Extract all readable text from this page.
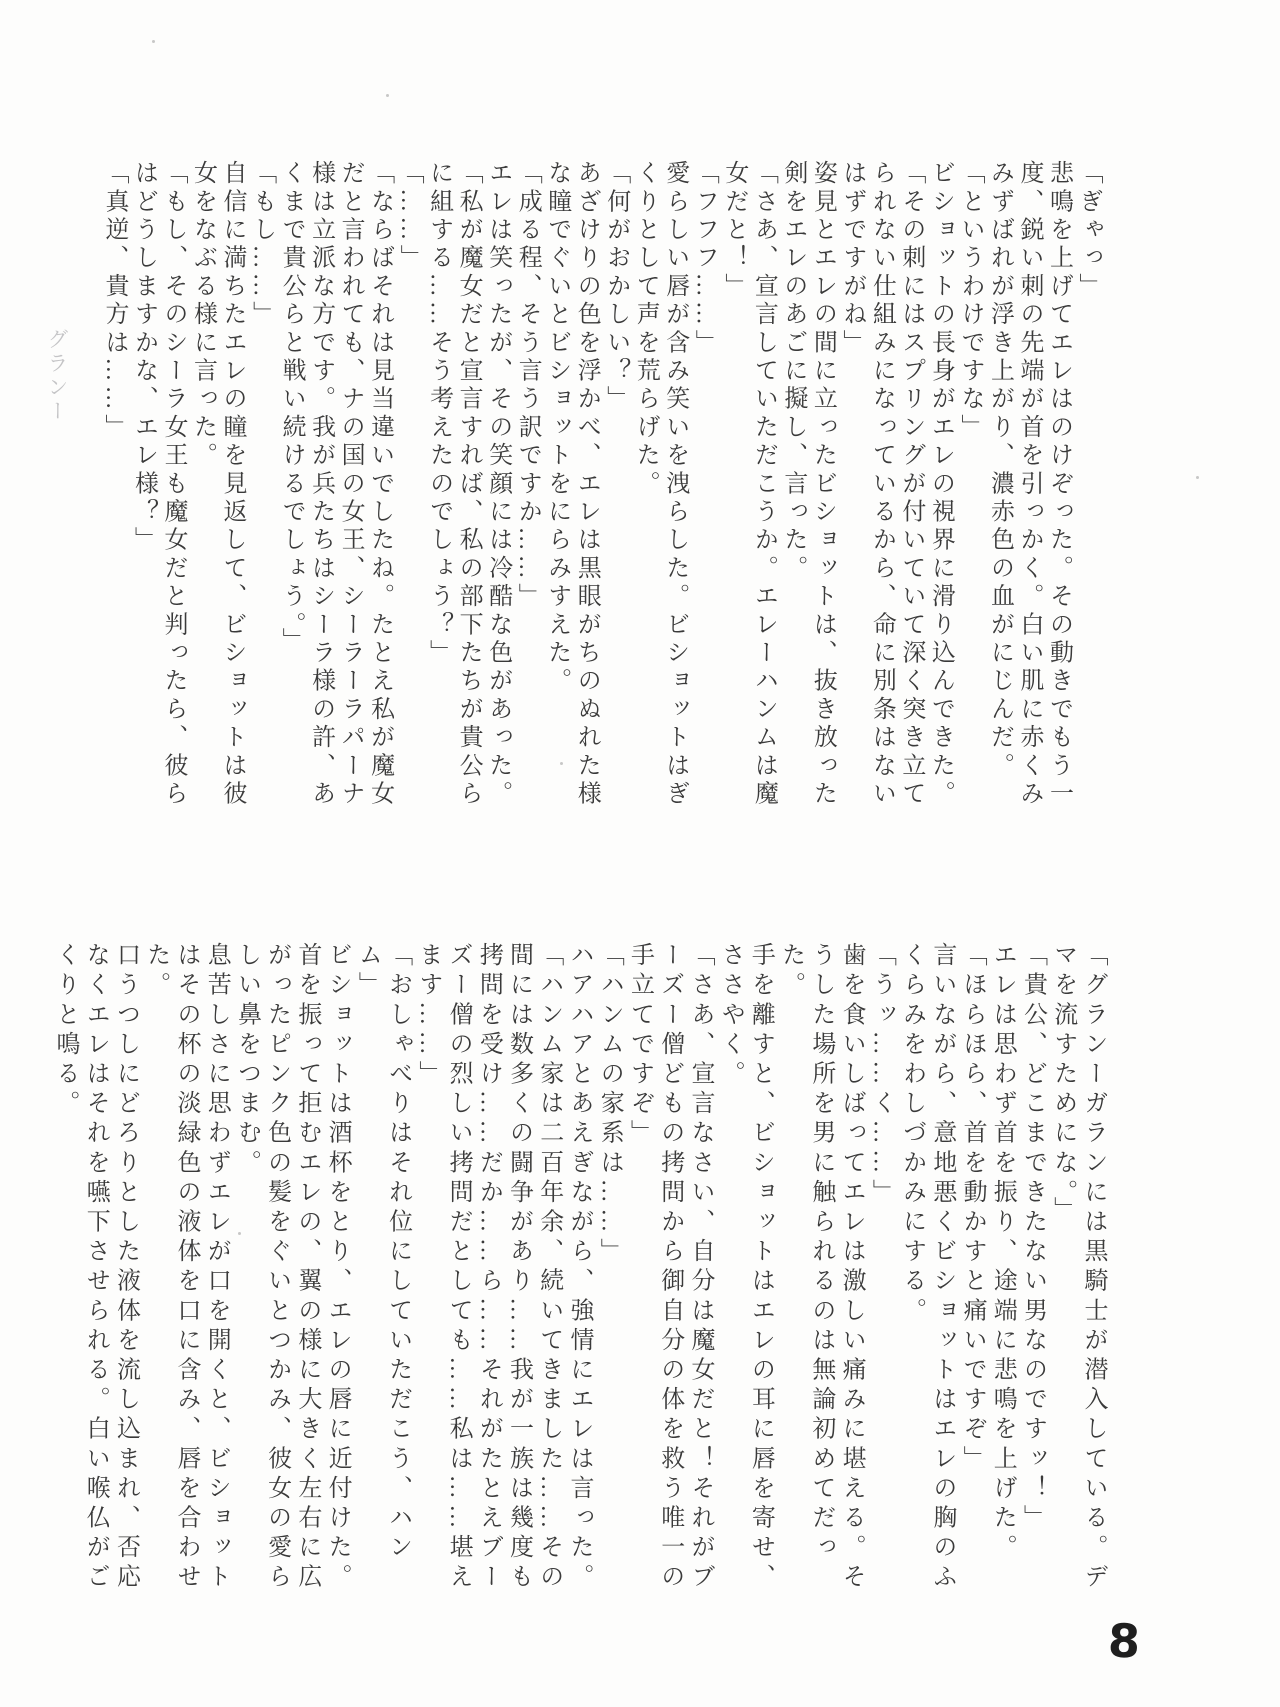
「ぎゃっ」

悲鳴を上げてエレはのけぞった。その動きでもう一度、鋭い刺の先端が首を引っかく。白い肌に赤くみみずばれが浮き上がり、濃赤色の血がにじんだ。

「というわけですな」

ビショットの長身がエレの視界に滑り込んできた。

「その刺にはスプリングが付いていて深く突き立てられない仕組みになっているから、命に別条はないはずですがね」

姿見とエレの間に立ったビショットは、抜き放った剣をエレのあごに擬し、言った。

「さあ、宣言していただこうか。エレーハンムは魔女だと！」

「フフフ……」

愛らしい唇が含み笑いを洩らした。ビショットはぎくりとして声を荒らげた。

「何がおかしい？」

あざけりの色を浮かべ、エレは黒眼がちのぬれた様な瞳でぐいとビショットをにらみすえた。

「成る程、そう言う訳ですか……」

エレは笑ったが、その笑顔には冷酷な色があった。

「私が魔女だと宣言すれば、私の部下たちが貴公らに組する……そう考えたのでしょう？」

「……」

「ならばそれは見当違いでしたね。たとえ私が魔女だと言われても、ナの国の女王、シーラーラパーナ様は立派な方です。我が兵たちはシーラ様の許、あくまで貴公らと戦い続けるでしょう。」

「もし……」

自信に満ちたエレの瞳を見返して、ビショットは彼女をなぶる様に言った。

「もし、そのシーラ女王も魔女だと判ったら、彼らはどうしますかな、エレ様？」

「真逆、貴方は……」

「グランーガランには黒騎士が潜入している。デマを流すためにな。」

「貴公、どこまできたない男なのですッ！」

エレは思わず首を振り、途端に悲鳴を上げた。

「ほらほら、首を動かすと痛いですぞ」

言いながら、意地悪くビショットはエレの胸のふくらみをわしづかみにする。

「うッ……く……」

歯を食いしばってエレは激しい痛みに堪える。そうした場所を男に触られるのは無論初めてだった。

手を離すと、ビショットはエレの耳に唇を寄せ、ささやく。

「さあ、宣言なさい、自分は魔女だと！それがブーズー僧どもの拷問から御自分の体を救う唯一の手立てですぞ」

「ハンムの家系は……」

ハアハアとあえぎながら、強情にエレは言った。

「ハンム家は二百年余、続いてきました……その間には数多くの闘争があり……我が一族は幾度も拷問を受け……だか……ら……それがたとえブーズー僧の烈しい拷問だとしても……私は……堪えます……」

「おしゃべりはそれ位にしていただこう、ハンム」

ビショットは酒杯をとり、エレの唇に近付けた。

首を振って拒むエレの、翼の様に大きく左右に広がったピンク色の髪をぐいとつかみ、彼女の愛らしい鼻をつまむ。

息苦しさに思わずエレが口を開くと、ビショットはその杯の淡緑色の液体を口に含み、唇を合わせた。

口うつしにどろりとした液体を流し込まれ、否応なくエレはそれを嚥下させられる。白い喉仏がごくりと鳴る。

グランー
8
